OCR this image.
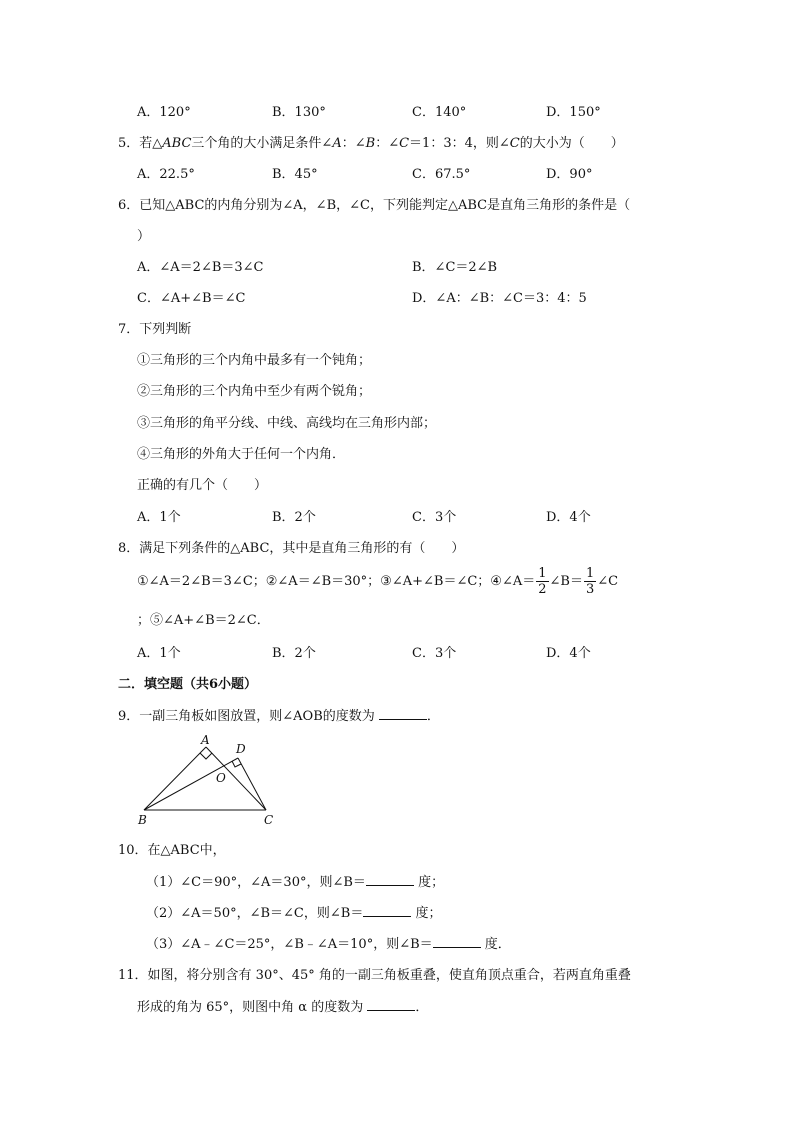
A．120°	B．130°	C．140°	D．150°
5．若△ABC三个角的大小满足条件∠A：∠B：∠C＝1：3：4，则∠C的大小为（　　）
A．22.5°	B．45°	C．67.5°	D．90°
6．已知△ABC的内角分别为∠A，∠B，∠C，下列能判定△ABC是直角三角形的条件是（
）
A．∠A＝2∠B＝3∠C	B．∠C＝2∠B
C．∠A+∠B＝∠C	D．∠A：∠B：∠C＝3：4：5
7．下列判断
①三角形的三个内角中最多有一个钝角；
②三角形的三个内角中至少有两个锐角；
③三角形的角平分线、中线、高线均在三角形内部；
④三角形的外角大于任何一个内角．
正确的有几个（　　）
A．1个	B．2个	C．3个	D．4个
8．满足下列条件的△ABC，其中是直角三角形的有（　　）
①∠A＝2∠B＝3∠C；②∠A＝∠B＝30°；③∠A+∠B＝∠C；④∠A＝ $\frac{1}{2}$ ∠B＝ $\frac{1}{3}$ ∠C
；⑤∠A+∠B＝2∠C．
A．1个	B．2个	C．3个	D．4个
二．填空题（共6小题）
9．一副三角板如图放置，则∠AOB的度数为	．
A
D
O
B	C
10．在△ABC中，
（1）∠C＝90°，∠A＝30°，则∠B＝	度；
（2）∠A＝50°，∠B＝∠C，则∠B＝	度；
（3）∠A﹣∠C＝25°，∠B﹣∠A＝10°，则∠B＝	度．
11．如图，将分别含有 30°、45° 角的一副三角板重叠，使直角顶点重合，若两直角重叠
形成的角为 65°，则图中角 α 的度数为	．
